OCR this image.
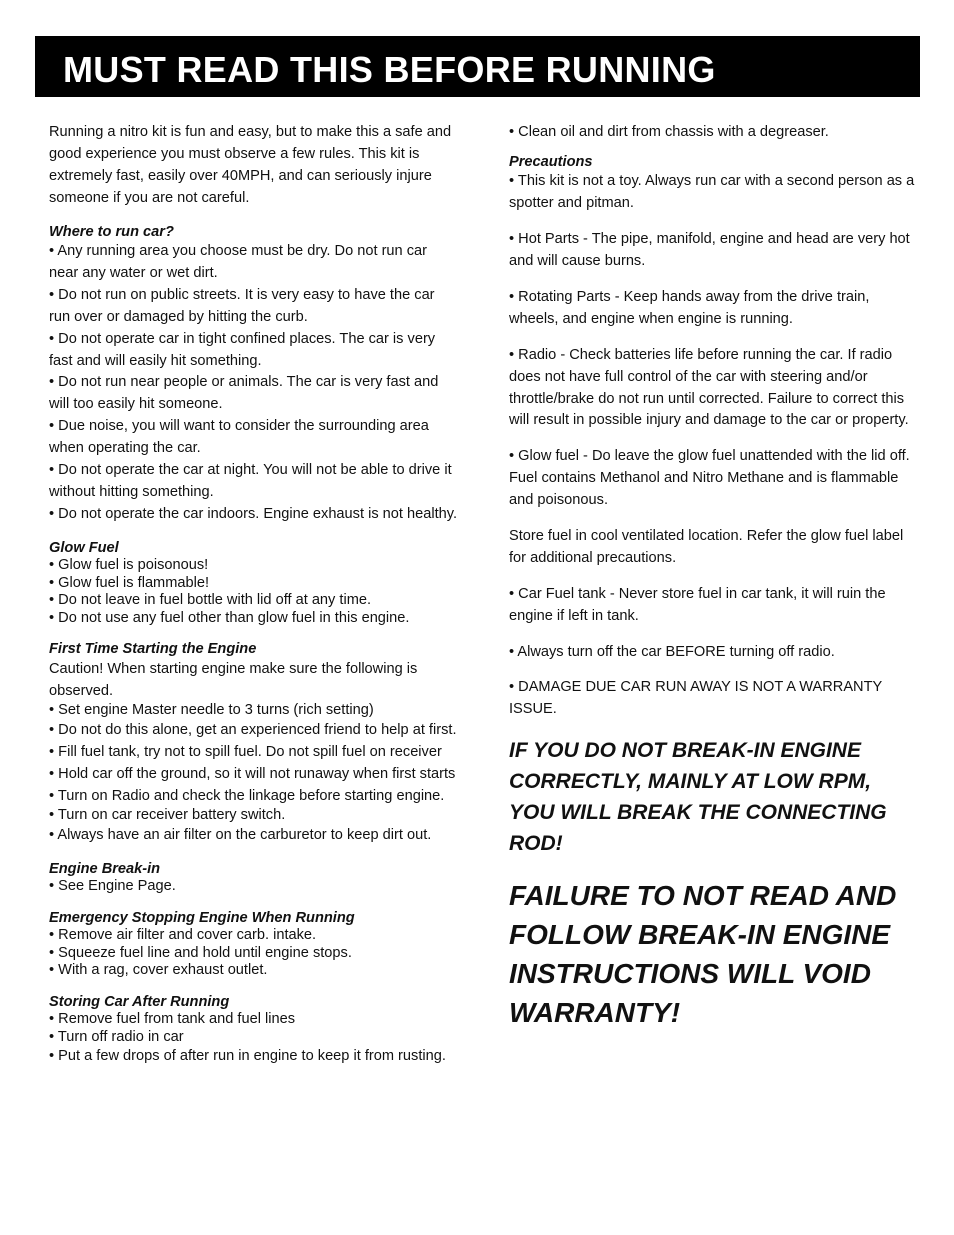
MUST READ THIS BEFORE RUNNING

Running a nitro kit is fun and easy, but to make this a safe and good experience you must observe a few rules. This kit is extremely fast, easily over 40MPH, and can seriously injure someone if you are not careful.

Where to run car?
• Any running area you choose must be dry. Do not run car near any water or wet dirt.
• Do not run on public streets. It is very easy to have the car run over or damaged by hitting the curb.
• Do not operate car in tight confined places. The car is very fast and will easily hit something.
• Do not run near people or animals. The car is very fast and will too easily hit someone.
• Due noise, you will want to consider the surrounding area when operating the car.
• Do not operate the car at night. You will not be able to drive it without hitting something.
• Do not operate the car indoors. Engine exhaust is not healthy.
Glow Fuel
• Glow fuel is poisonous!
• Glow fuel is flammable!
• Do not leave in fuel bottle with lid off at any time.
• Do not use any fuel other than glow fuel in this engine.
First Time Starting the Engine
Caution! When starting engine make sure the following is observed.
• Set engine Master needle to 3 turns (rich setting)
• Do not do this alone, get an experienced friend to help at first.
• Fill fuel tank, try not to spill fuel. Do not spill fuel on receiver
• Hold car off the ground, so it will not runaway when first starts
• Turn on Radio and check the linkage before starting engine.
• Turn on car receiver battery switch.
• Always have an air filter on the carburetor to keep dirt out.
Engine Break-in
• See Engine Page.
Emergency Stopping Engine When Running
• Remove air filter and cover carb. intake.
• Squeeze fuel line and hold until engine stops.
• With a rag, cover exhaust outlet.
Storing Car After Running
• Remove fuel from tank and fuel lines
• Turn off radio in car
• Put a few drops of after run in engine to keep it from rusting.

• Clean oil and dirt from chassis with a degreaser.

Precautions

• This kit is not a toy. Always run car with a second person as a spotter and pitman.

• Hot Parts - The pipe, manifold, engine and head are very hot and will cause burns.

• Rotating Parts - Keep hands away from the drive train, wheels, and engine when engine is running.

• Radio - Check batteries life before running the car. If radio does not have full control of the car with steering and/or throttle/brake do not run until corrected. Failure to correct this will result in possible injury and damage to the car or property.

• Glow fuel - Do leave the glow fuel unattended with the lid off. Fuel contains Methanol and Nitro Methane and is flammable and poisonous.

Store fuel in cool ventilated location. Refer the glow fuel label for additional precautions.

• Car Fuel tank - Never store fuel in car tank, it will ruin the engine if left in tank.

• Always turn off the car BEFORE turning off radio.

• DAMAGE DUE CAR RUN AWAY IS NOT A WARRANTY ISSUE.

IF YOU DO NOT BREAK-IN ENGINE CORRECTLY, MAINLY AT LOW RPM, YOU WILL BREAK THE CONNECTING ROD!
FAILURE TO NOT READ AND FOLLOW BREAK-IN ENGINE INSTRUCTIONS WILL VOID WARRANTY!
